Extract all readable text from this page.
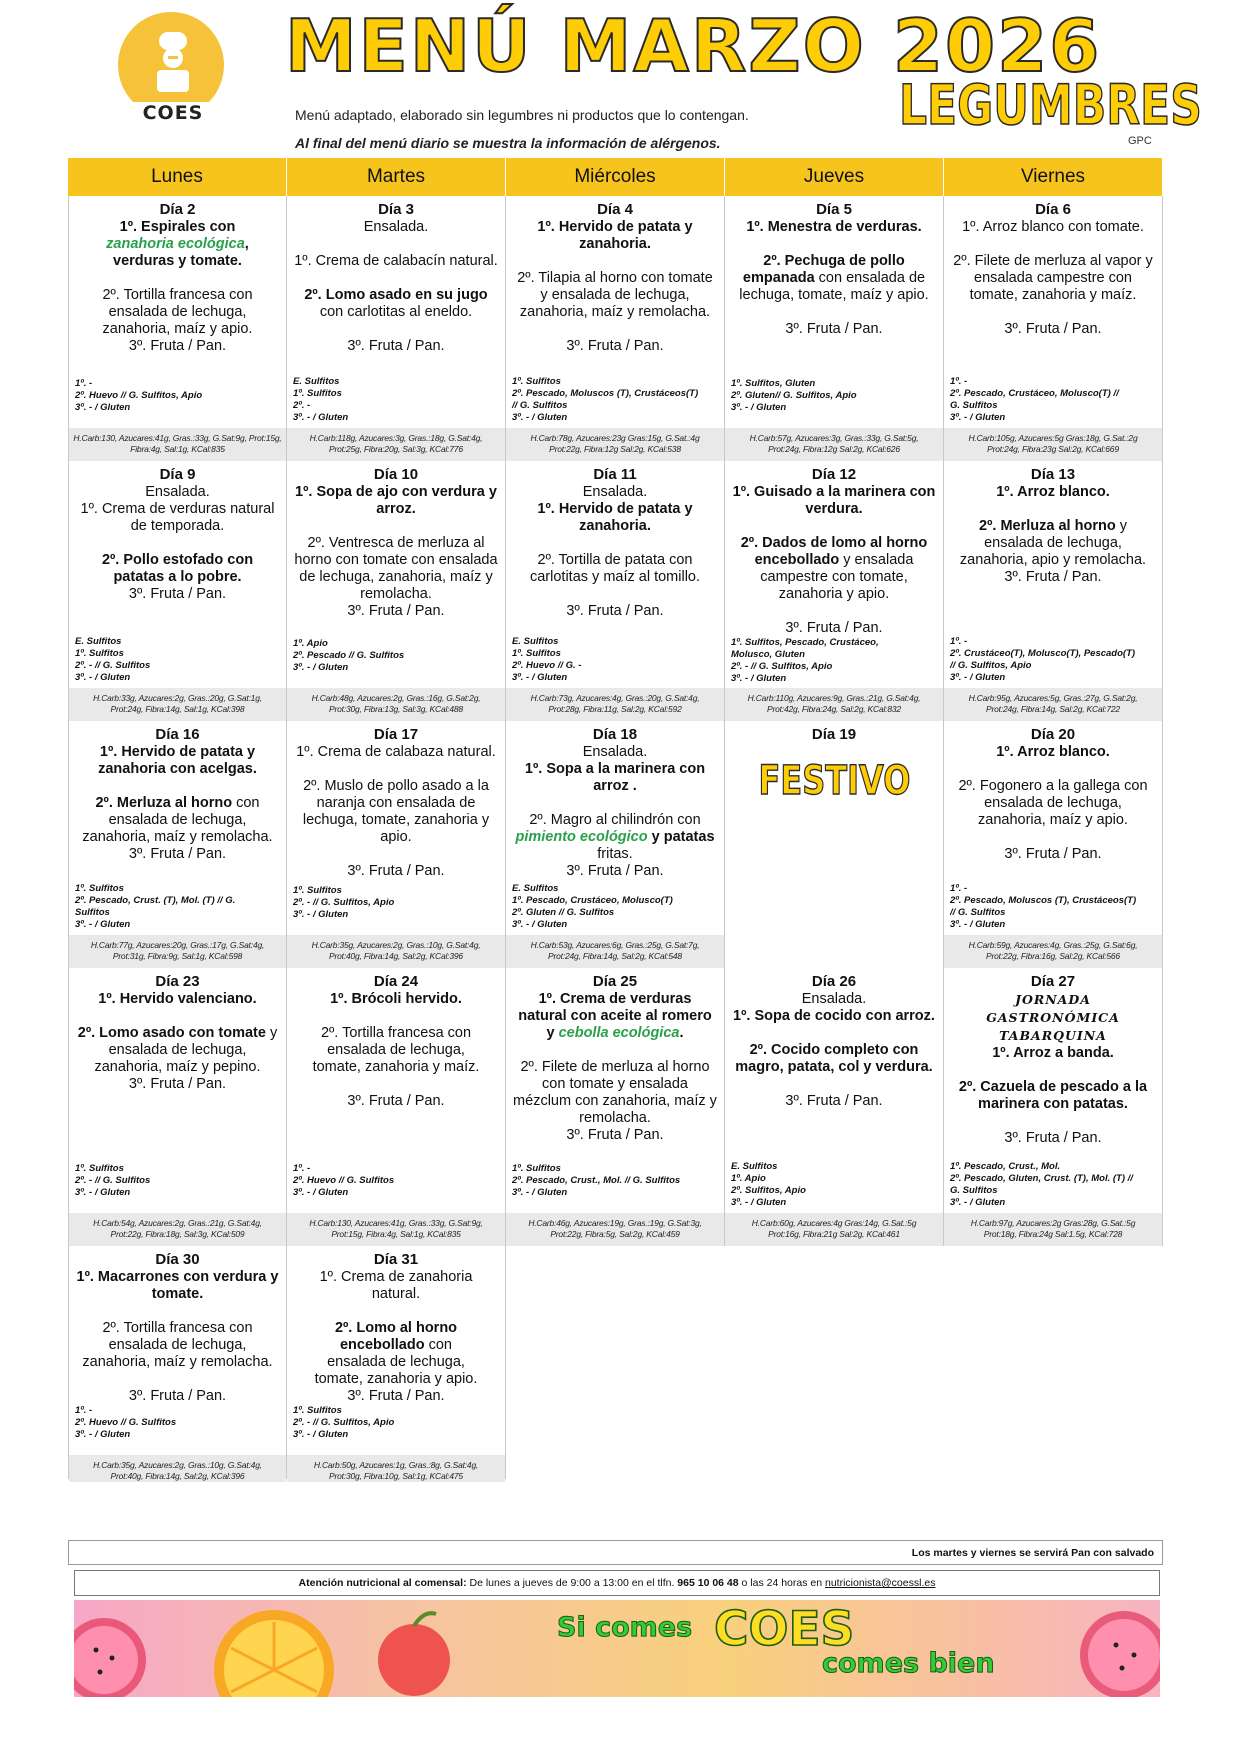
COES
MENÚ MARZO 2026
LEGUMBRES
GPC
Menú adaptado, elaborado sin legumbres ni productos que lo contengan.
Al final del menú diario se muestra la información de alérgenos.
Lunes	Martes	Miércoles	Jueves	Viernes
Día 2
1º. Espirales con
zanahoria ecológica,
verduras y tomate.
2º. Tortilla francesa con
ensalada de lechuga,
zanahoria, maíz y apio.
3º. Fruta / Pan.
1º. -
2º. Huevo // G. Sulfitos, Apio
3º. - / Gluten
H.Carb:130, Azucares:41g, Gras.:33g, G.Sat:9g, Prot:15g,
Fibra:4g, Sal:1g, KCal:835
Día 3
Ensalada.
1º. Crema de calabacín natural.
2º. Lomo asado en su jugo
con carlotitas al eneldo.
3º. Fruta / Pan.
E. Sulfitos
1º. Sulfitos
2º. -
3º. - / Gluten
H.Carb:118g, Azucares:3g, Gras.:18g, G.Sat:4g,
Prot:25g, Fibra:20g, Sal:3g, KCal:776
Día 4
1º. Hervido de patata y
zanahoria.
2º. Tilapia al horno con tomate
y ensalada de lechuga,
zanahoria, maíz y remolacha.
3º. Fruta / Pan.
1º. Sulfitos
2º. Pescado, Moluscos (T), Crustáceos(T)
// G. Sulfitos
3º. - / Gluten
H.Carb:78g, Azucares:23g Gras:15g, G.Sat.:4g
Prot:22g, Fibra:12g Sal:2g, KCal:538
Día 5
1º. Menestra de verduras.
2º. Pechuga de pollo
empanada con ensalada de
lechuga, tomate, maíz y apio.
3º. Fruta / Pan.
1º. Sulfitos, Gluten
2º. Gluten// G. Sulfitos, Apio
3º. - / Gluten
H.Carb:57g, Azucares:3g, Gras.:33g, G.Sat:5g,
Prot:24g, Fibra:12g Sal:2g, KCal:626
Día 6
1º. Arroz blanco con tomate.
2º. Filete de merluza al vapor y
ensalada campestre con
tomate, zanahoria y maíz.
3º. Fruta / Pan.
1º. -
2º. Pescado, Crustáceo, Molusco(T) //
G. Sulfitos
3º. - / Gluten
H.Carb:105g, Azucares:5g Gras:18g, G.Sat.:2g
Prot:24g, Fibra:23g Sal:2g, KCal:669
Día 9
Ensalada.
1º. Crema de verduras natural
de temporada.
2º. Pollo estofado con
patatas a lo pobre.
3º. Fruta / Pan.
E. Sulfitos
1º. Sulfitos
2º. - // G. Sulfitos
3º. - / Gluten
H.Carb:33g, Azucares:2g, Gras.:20g, G.Sat:1g,
Prot:24g, Fibra:14g, Sal:1g, KCal:398
Día 10
1º. Sopa de ajo con verdura y
arroz.
2º. Ventresca de merluza al
horno con tomate con ensalada
de lechuga, zanahoria, maíz y
remolacha.
3º. Fruta / Pan.
1º. Apio
2º. Pescado // G. Sulfitos
3º. - / Gluten
H.Carb:48g, Azucares:2g, Gras.:16g, G.Sat:2g,
Prot:30g, Fibra:13g, Sal:3g, KCal:488
Día 11
Ensalada.
1º. Hervido de patata y
zanahoria.
2º. Tortilla de patata con
carlotitas y maíz al tomillo.
3º. Fruta / Pan.
E. Sulfitos
1º. Sulfitos
2º. Huevo // G. -
3º. - / Gluten
H.Carb:73g, Azucares:4g, Gras.:20g, G.Sat:4g,
Prot:28g, Fibra:11g, Sal:2g, KCal:592
Día 12
1º. Guisado a la marinera con
verdura.
2º. Dados de lomo al horno
encebollado y ensalada
campestre con tomate,
zanahoria y apio.
3º. Fruta / Pan.
1º. Sulfitos, Pescado, Crustáceo,
Molusco, Gluten
2º. - // G. Sulfitos, Apio
3º. - / Gluten
H.Carb:110g, Azucares:9g, Gras.:21g, G.Sat:4g,
Prot:42g, Fibra:24g, Sal:2g, KCal:832
Día 13
1º. Arroz blanco.
2º. Merluza al horno y
ensalada de lechuga,
zanahoria, apio y remolacha.
3º. Fruta / Pan.
1º. -
2º. Crustáceo(T), Molusco(T), Pescado(T)
// G. Sulfitos, Apio
3º. - / Gluten
H.Carb:95g, Azucares:5g, Gras.:27g, G.Sat:2g,
Prot:24g, Fibra:14g, Sal:2g, KCal:722
Día 16
1º. Hervido de patata y
zanahoria con acelgas.
2º. Merluza al horno con
ensalada de lechuga,
zanahoria, maíz y remolacha.
3º. Fruta / Pan.
1º. Sulfitos
2º. Pescado, Crust. (T), Mol. (T) // G.
Sulfitos
3º. - / Gluten
H.Carb:77g, Azucares:20g, Gras.:17g, G.Sat:4g,
Prot:31g, Fibra:9g, Sal:1g, KCal:598
Día 17
1º. Crema de calabaza natural.
2º. Muslo de pollo asado a la
naranja con ensalada de
lechuga, tomate, zanahoria y
apio.
3º. Fruta / Pan.
1º. Sulfitos
2º. - // G. Sulfitos, Apio
3º. - / Gluten
H.Carb:35g, Azucares:2g, Gras.:10g, G.Sat:4g,
Prot:40g, Fibra:14g, Sal:2g, KCal:396
Día 18
Ensalada.
1º. Sopa a la marinera con
arroz .
2º. Magro al chilindrón con
pimiento ecológico y patatas
fritas.
3º. Fruta / Pan.
E. Sulfitos
1º. Pescado, Crustáceo, Molusco(T)
2º. Gluten // G. Sulfitos
3º. - / Gluten
H.Carb:53g, Azucares:6g, Gras.:25g, G.Sat:7g,
Prot:24g, Fibra:14g, Sal:2g, KCal:548
Día 19
FESTIVO
Día 20
1º. Arroz blanco.
2º. Fogonero a la gallega con
ensalada de lechuga,
zanahoria, maíz y apio.
3º. Fruta / Pan.
1º. -
2º. Pescado, Moluscos (T), Crustáceos(T)
// G. Sulfitos
3º. - / Gluten
H.Carb:59g, Azucares:4g, Gras.:25g, G.Sat:6g,
Prot:22g, Fibra:16g, Sal:2g, KCal:566
Día 23
1º. Hervido valenciano.
2º. Lomo asado con tomate y
ensalada de lechuga,
zanahoria, maíz y pepino.
3º. Fruta / Pan.
1º. Sulfitos
2º. - // G. Sulfitos
3º. - / Gluten
H.Carb:54g, Azucares:2g, Gras.:21g, G.Sat:4g,
Prot:22g, Fibra:18g, Sal:3g, KCal:509
Día 24
1º. Brócoli hervido.
2º. Tortilla francesa con
ensalada de lechuga,
tomate, zanahoria y maíz.
3º. Fruta / Pan.
1º. -
2º. Huevo // G. Sulfitos
3º. - / Gluten
H.Carb:130, Azucares:41g, Gras.:33g, G.Sat:9g,
Prot:15g, Fibra:4g, Sal:1g, KCal:835
Día 25
1º. Crema de verduras
natural con aceite al romero
y cebolla ecológica.
2º. Filete de merluza al horno
con tomate y ensalada
mézclum con zanahoria, maíz y
remolacha.
3º. Fruta / Pan.
1º. Sulfitos
2º. Pescado, Crust., Mol. // G. Sulfitos
3º. - / Gluten
H.Carb:46g, Azucares:19g, Gras.:19g, G.Sat:3g,
Prot:22g, Fibra:5g, Sal:2g, KCal:459
Día 26
Ensalada.
1º. Sopa de cocido con arroz.
2º. Cocido completo con
magro, patata, col y verdura.
3º. Fruta / Pan.
E. Sulfitos
1º. Apio
2º. Sulfitos, Apio
3º. - / Gluten
H.Carb:60g, Azucares:4g Gras:14g, G.Sat.:5g
Prot:16g, Fibra:21g Sal:2g, KCal:461
Día 27
JORNADA GASTRONÓMICA
TABARQUINA
1º. Arroz a banda.
2º. Cazuela de pescado a la
marinera con patatas.
3º. Fruta / Pan.
1º. Pescado, Crust., Mol.
2º. Pescado, Gluten, Crust. (T), Mol. (T) //
G. Sulfitos
3º. - / Gluten
H.Carb:97g, Azucares:2g Gras:28g, G.Sat.:5g
Prot:18g, Fibra:24g Sal:1.5g, KCal:728
Día 30
1º. Macarrones con verdura y
tomate.
2º. Tortilla francesa con
ensalada de lechuga,
zanahoria, maíz y remolacha.
3º. Fruta / Pan.
1º. -
2º. Huevo // G. Sulfitos
3º. - / Gluten
H.Carb:35g, Azucares:2g, Gras.:10g, G.Sat:4g,
Prot:40g, Fibra:14g, Sal:2g, KCal:396
Día 31
1º. Crema de zanahoria
natural.
2º. Lomo al horno
encebollado con
ensalada de lechuga,
tomate, zanahoria y apio.
3º. Fruta / Pan.
1º. Sulfitos
2º. - // G. Sulfitos, Apio
3º. - / Gluten
H.Carb:50g, Azucares:1g, Gras.:8g, G.Sat:4g,
Prot:30g, Fibra:10g, Sal:1g, KCal:475
Los martes y viernes se servirá Pan con salvado
Atención nutricional al comensal: De lunes a jueves de 9:00 a 13:00 en el tlfn. 965 10 06 48 o las 24 horas en nutricionista@coessl.es
Si comes COES
comes bien
